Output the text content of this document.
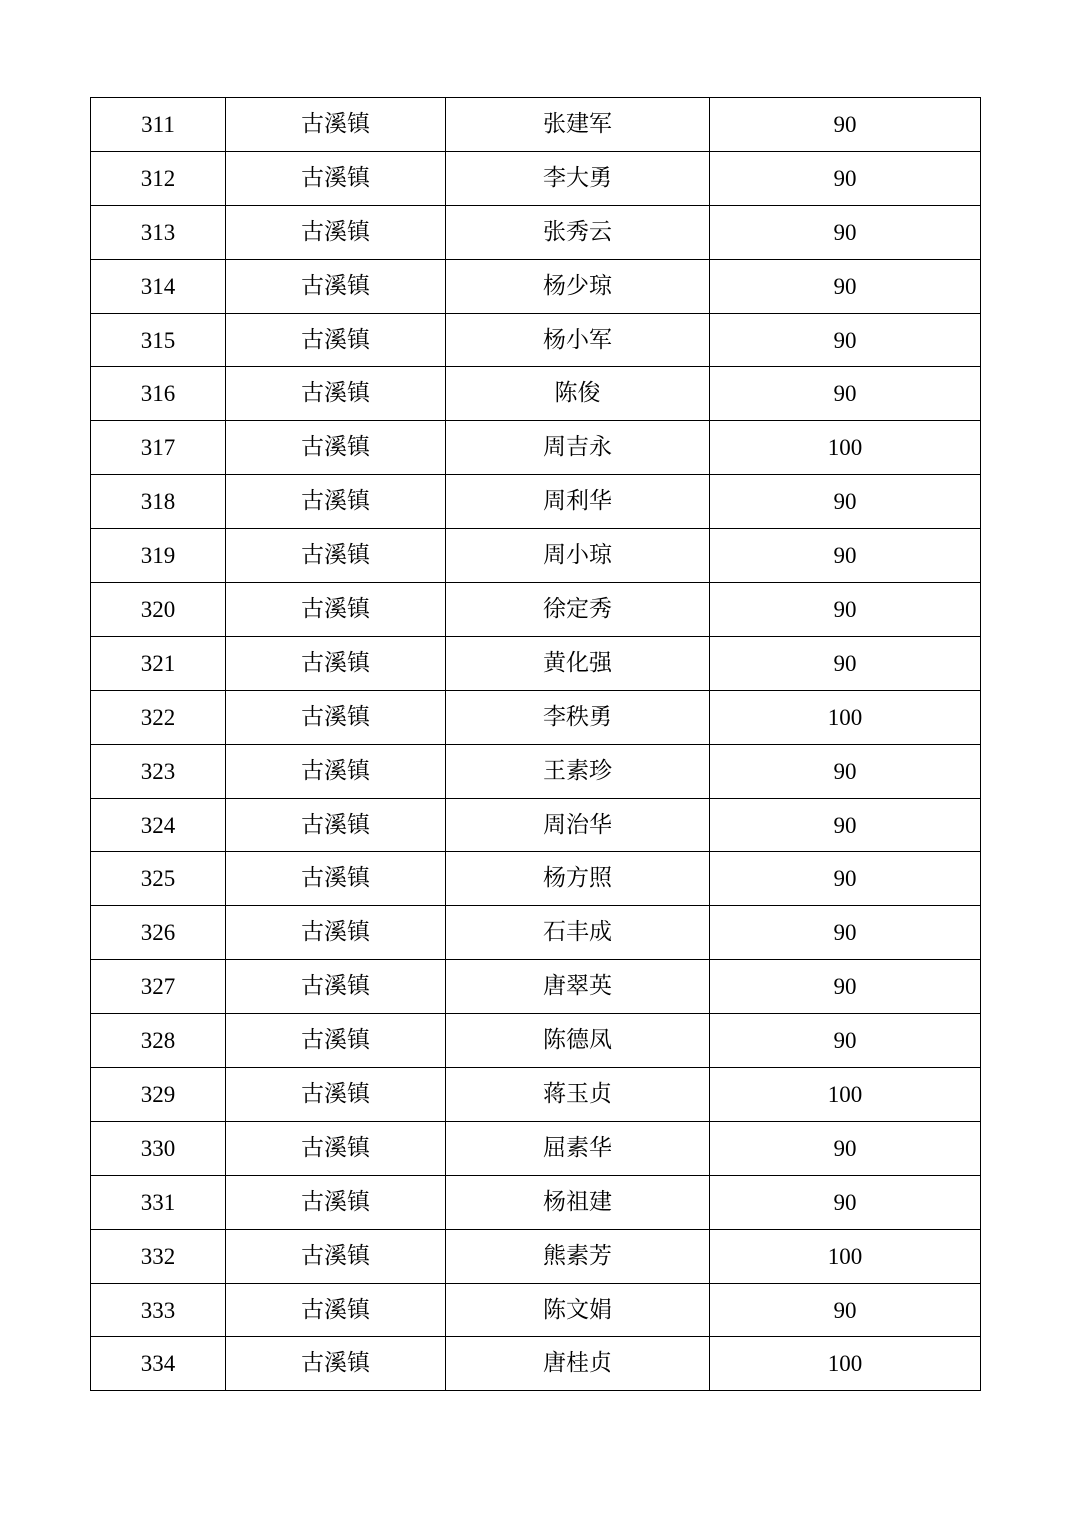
311	古溪镇	张建军	90
312	古溪镇	李大勇	90
313	古溪镇	张秀云	90
314	古溪镇	杨少琼	90
315	古溪镇	杨小军	90
316	古溪镇	陈俊	90
317	古溪镇	周吉永	100
318	古溪镇	周利华	90
319	古溪镇	周小琼	90
320	古溪镇	徐定秀	90
321	古溪镇	黄化强	90
322	古溪镇	李秩勇	100
323	古溪镇	王素珍	90
324	古溪镇	周治华	90
325	古溪镇	杨方照	90
326	古溪镇	石丰成	90
327	古溪镇	唐翠英	90
328	古溪镇	陈德凤	90
329	古溪镇	蒋玉贞	100
330	古溪镇	屈素华	90
331	古溪镇	杨祖建	90
332	古溪镇	熊素芳	100
333	古溪镇	陈文娟	90
334	古溪镇	唐桂贞	100
